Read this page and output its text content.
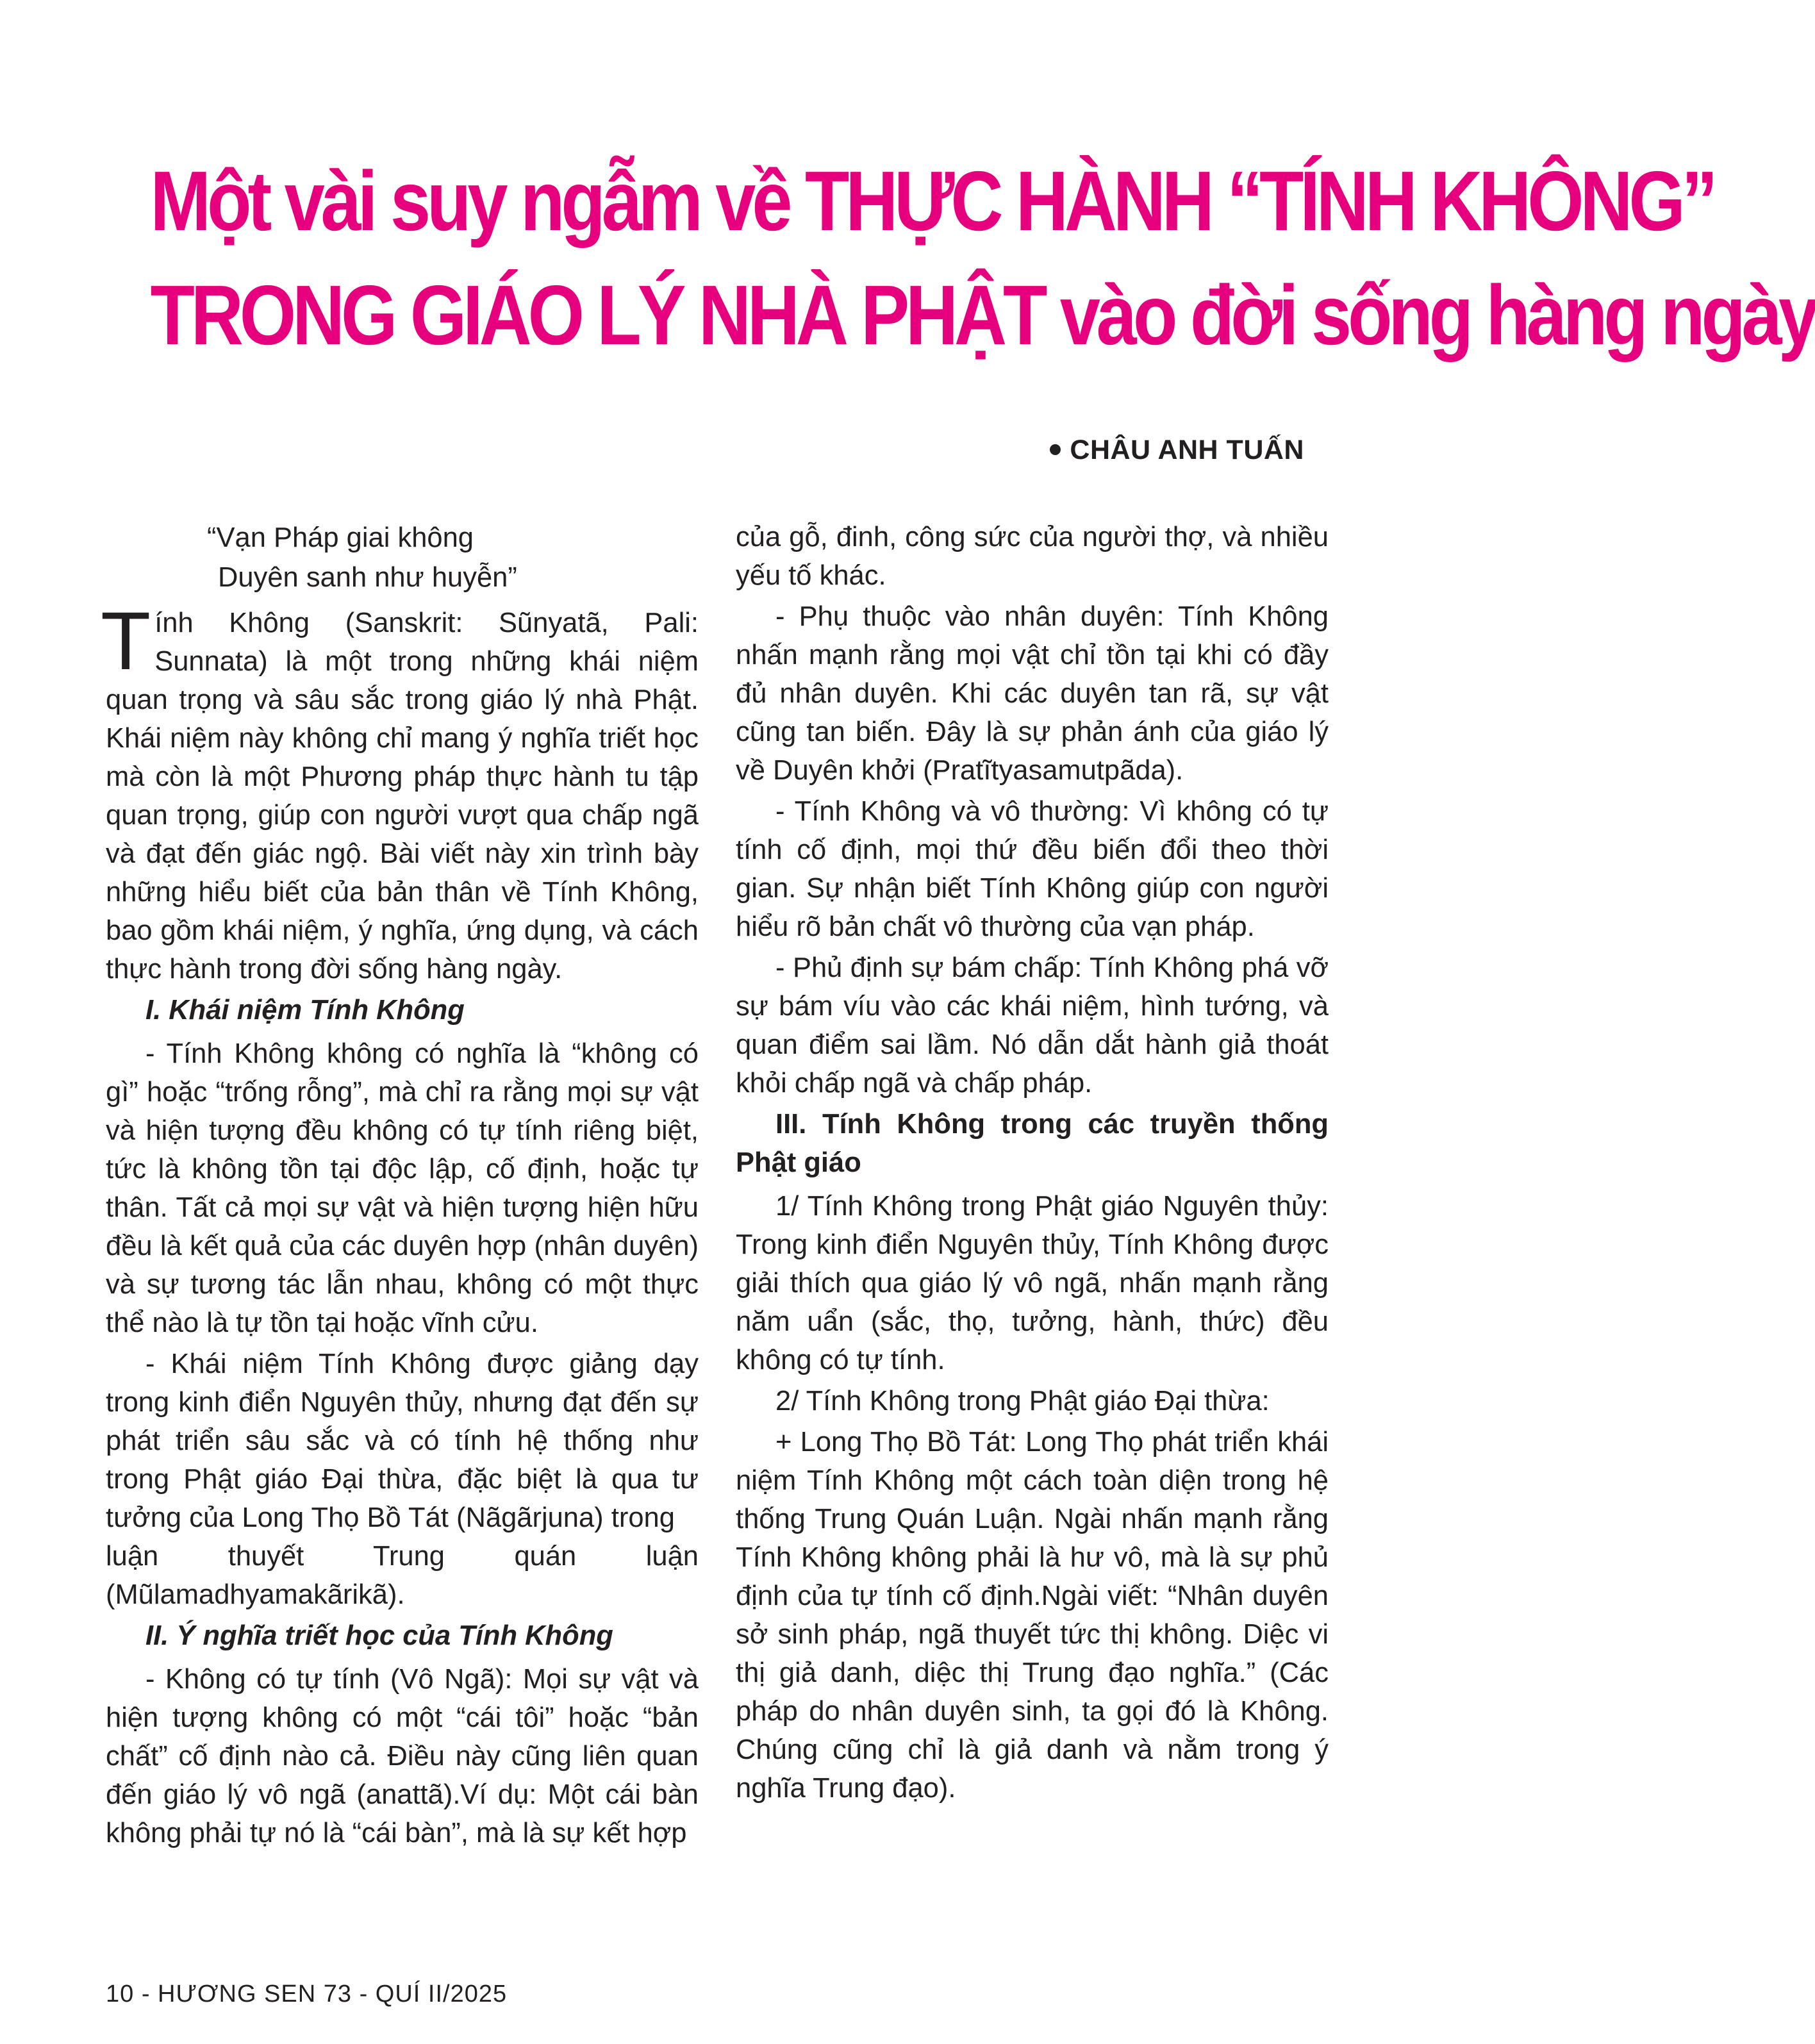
Một vài suy ngẫm về THỰC HÀNH “TÍNH KHÔNG”
TRONG GIÁO LÝ NHÀ PHẬT vào đời sống hàng ngày
CHÂU ANH TUẤN
“Vạn Pháp giai không
Duyên sanh như huyễn”

Tính Không (Sanskrit: Sũnyatã, Pali: Sunnata) là một trong những khái niệm quan trọng và sâu sắc trong giáo lý nhà Phật. Khái niệm này không chỉ mang ý nghĩa triết học mà còn là một Phương pháp thực hành tu tập quan trọng, giúp con người vượt qua chấp ngã và đạt đến giác ngộ. Bài viết này xin trình bày những hiểu biết của bản thân về Tính Không, bao gồm khái niệm, ý nghĩa, ứng dụng, và cách thực hành trong đời sống hàng ngày.

I. Khái niệm Tính Không

- Tính Không không có nghĩa là “không có gì” hoặc “trống rỗng”, mà chỉ ra rằng mọi sự vật và hiện tượng đều không có tự tính riêng biệt, tức là không tồn tại độc lập, cố định, hoặc tự thân. Tất cả mọi sự vật và hiện tượng hiện hữu đều là kết quả của các duyên hợp (nhân duyên) và sự tương tác lẫn nhau, không có một thực thể nào là tự tồn tại hoặc vĩnh cửu.

- Khái niệm Tính Không được giảng dạy trong kinh điển Nguyên thủy, nhưng đạt đến sự phát triển sâu sắc và có tính hệ thống như trong Phật giáo Đại thừa, đặc biệt là qua tư tưởng của Long Thọ Bồ Tát (Nãgãrjuna) trong

luận thuyết Trung quán luận

(Mũlamadhyamakãrikã).

II. Ý nghĩa triết học của Tính Không

- Không có tự tính (Vô Ngã): Mọi sự vật và hiện tượng không có một “cái tôi” hoặc “bản chất” cố định nào cả. Điều này cũng liên quan đến giáo lý vô ngã (anattã).Ví dụ: Một cái bàn không phải tự nó là “cái bàn”, mà là sự kết hợp

của gỗ, đinh, công sức của người thợ, và nhiều yếu tố khác.

- Phụ thuộc vào nhân duyên: Tính Không nhấn mạnh rằng mọi vật chỉ tồn tại khi có đầy đủ nhân duyên. Khi các duyên tan rã, sự vật cũng tan biến. Đây là sự phản ánh của giáo lý về Duyên khởi (Pratĩtyasamutpãda).

- Tính Không và vô thường: Vì không có tự tính cố định, mọi thứ đều biến đổi theo thời gian. Sự nhận biết Tính Không giúp con người hiểu rõ bản chất vô thường của vạn pháp.

- Phủ định sự bám chấp: Tính Không phá vỡ sự bám víu vào các khái niệm, hình tướng, và quan điểm sai lầm. Nó dẫn dắt hành giả thoát khỏi chấp ngã và chấp pháp.

III. Tính Không trong các truyền thống Phật giáo

1/ Tính Không trong Phật giáo Nguyên thủy: Trong kinh điển Nguyên thủy, Tính Không được giải thích qua giáo lý vô ngã, nhấn mạnh rằng năm uẩn (sắc, thọ, tưởng, hành, thức) đều không có tự tính.

2/ Tính Không trong Phật giáo Đại thừa:

+ Long Thọ Bồ Tát: Long Thọ phát triển khái niệm Tính Không một cách toàn diện trong hệ thống Trung Quán Luận. Ngài nhấn mạnh rằng Tính Không không phải là hư vô, mà là sự phủ định của tự tính cố định.Ngài viết: “Nhân duyên sở sinh pháp, ngã thuyết tức thị không. Diệc vi thị giả danh, diệc thị Trung đạo nghĩa.” (Các pháp do nhân duyên sinh, ta gọi đó là Không. Chúng cũng chỉ là giả danh và nằm trong ý nghĩa Trung đạo).

10 - HƯƠNG SEN 73 - QUÍ II/2025
